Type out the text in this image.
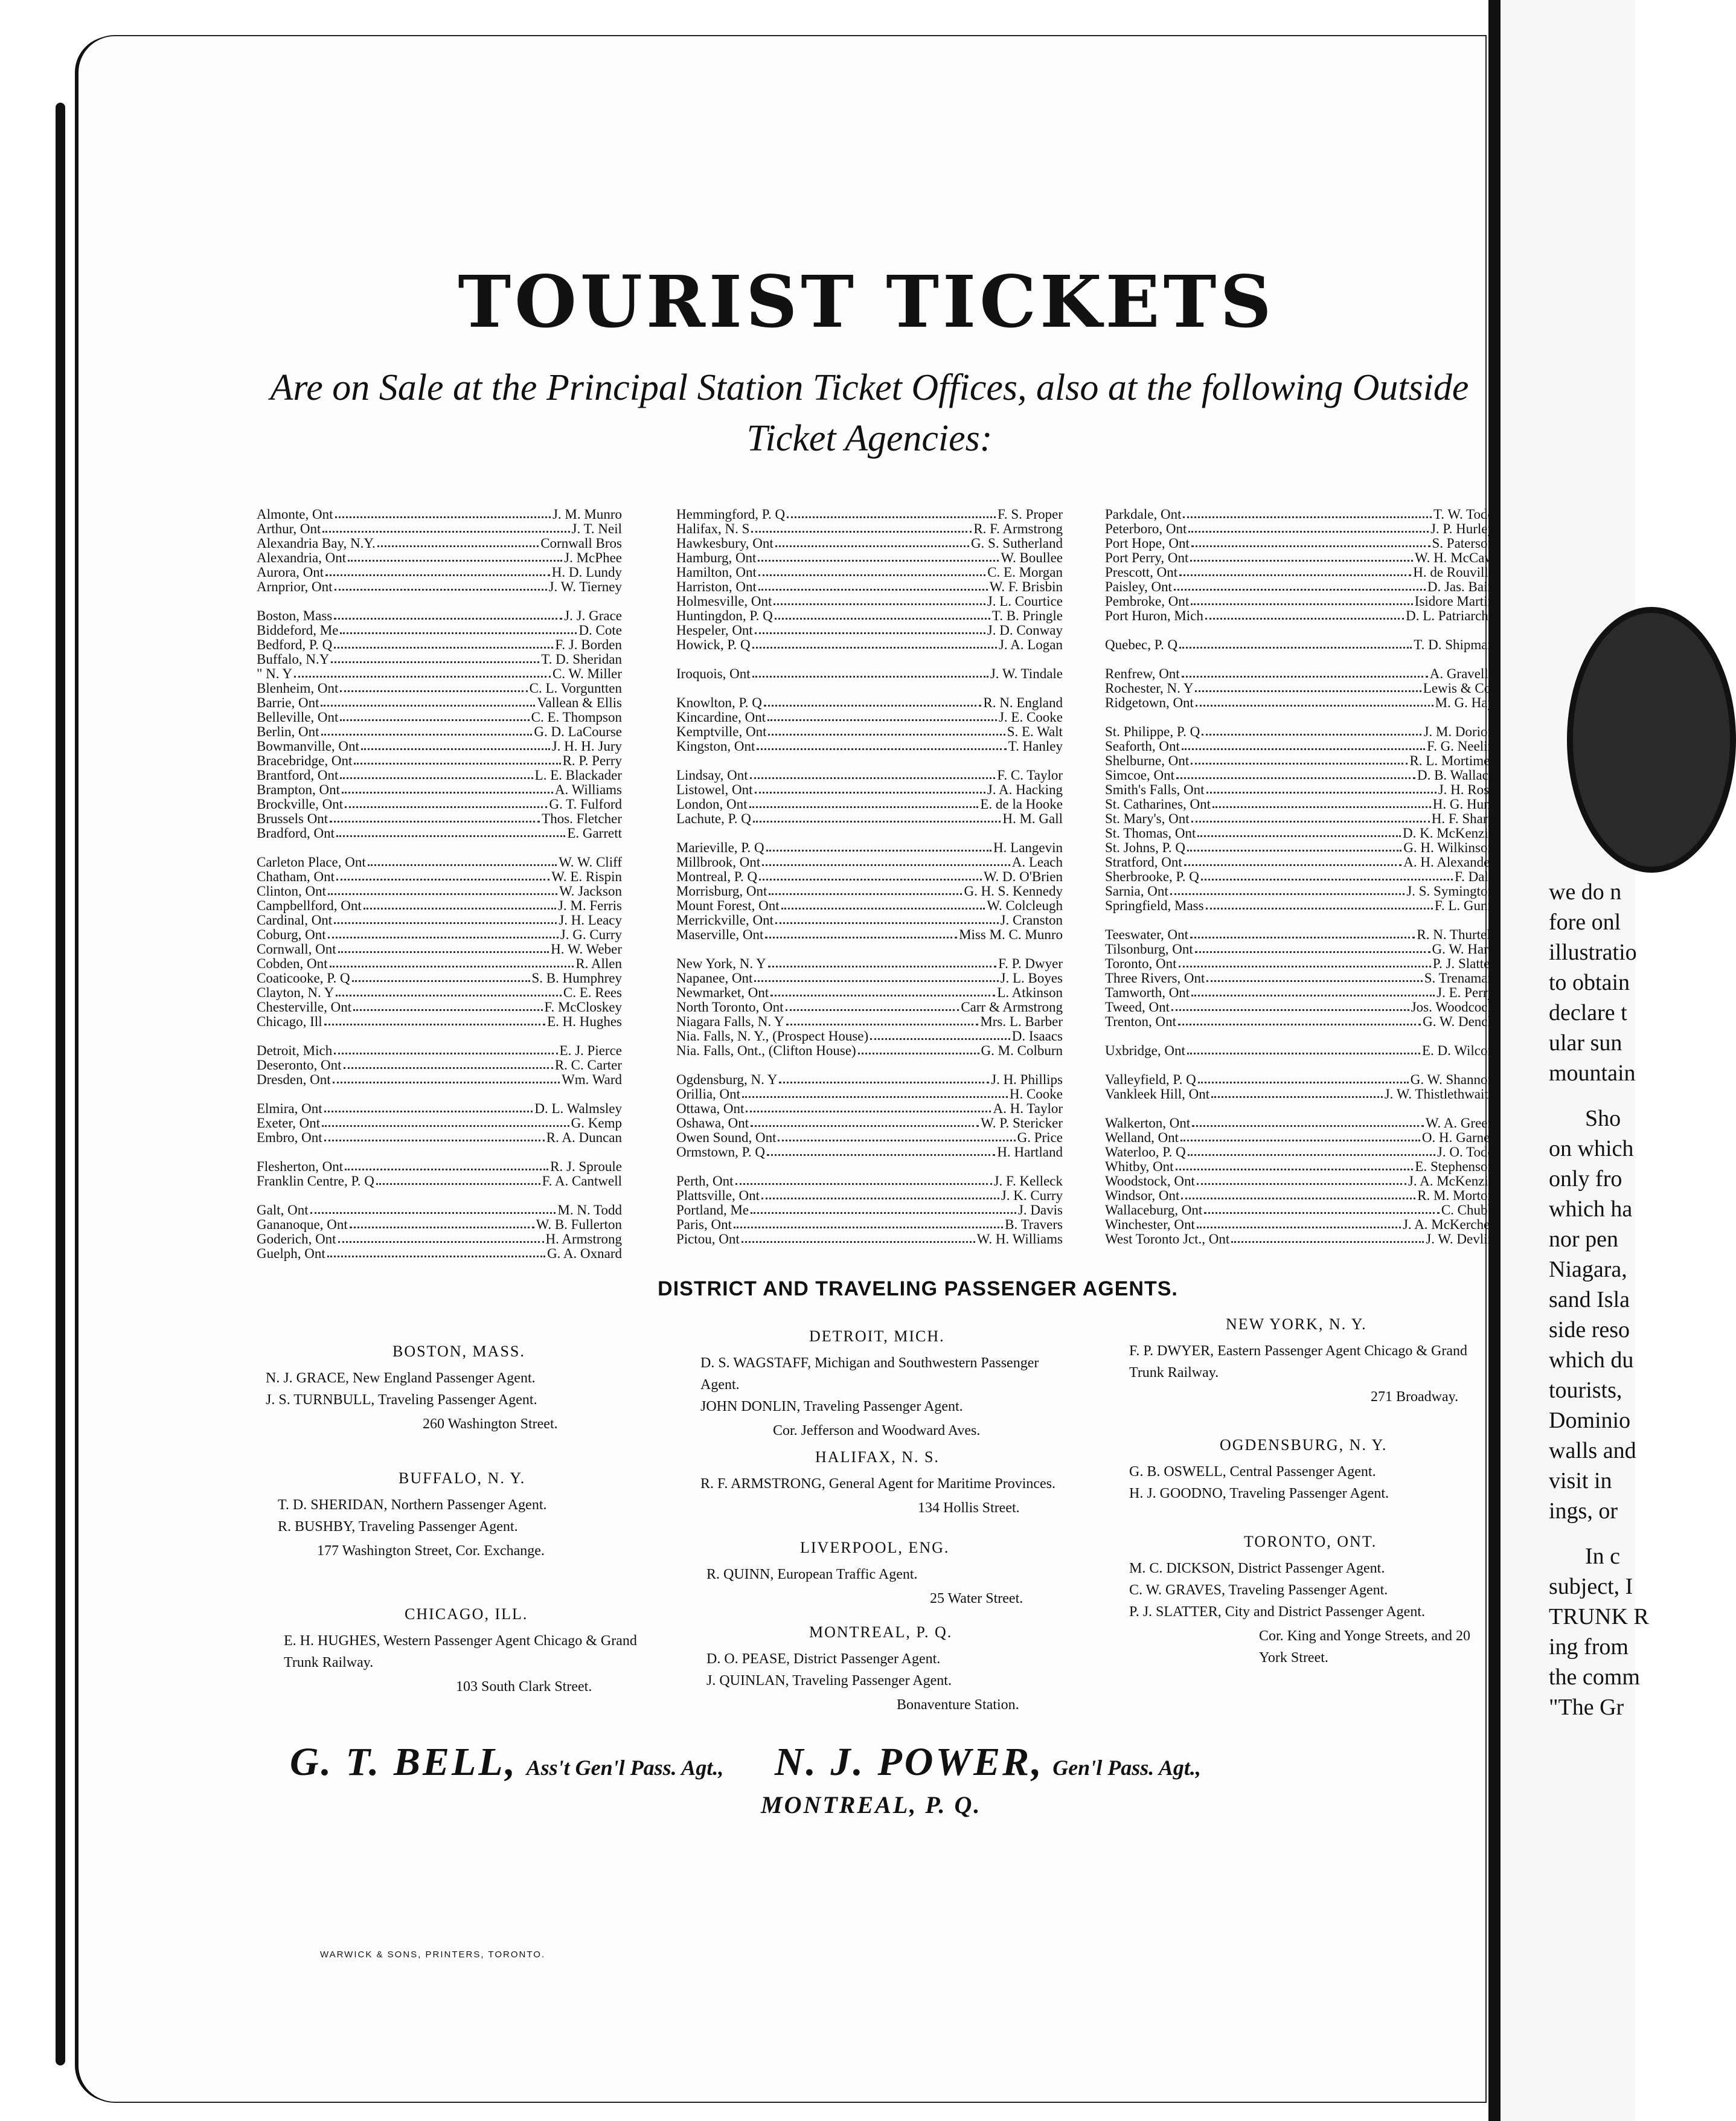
we do n
fore onl
illustratio
to obtain
declare t
ular sun
mountain
Sho
on which
only fro
which ha
nor pen
Niagara,
sand Isla
side reso
which du
tourists,
Dominio
walls and
visit in
ings, or
In c
subject, I
TRUNK R
ing from
the comm
"The Gr
TOURIST TICKETS
Are on Sale at the Principal Station Ticket Offices, also at the following Outside Ticket Agencies:
Almonte, Ont	J. M. Munro
Arthur, Ont	J. T. Neil
Alexandria Bay, N.Y.	Cornwall Bros
Alexandria, Ont	J. McPhee
Aurora, Ont	H. D. Lundy
Arnprior, Ont	J. W. Tierney
Boston, Mass	J. J. Grace
Biddeford, Me	D. Cote
Bedford, P. Q	F. J. Borden
Buffalo, N.Y	T. D. Sheridan
" N. Y	C. W. Miller
Blenheim, Ont	C. L. Vorguntten
Barrie, Ont	Vallean & Ellis
Belleville, Ont	C. E. Thompson
Berlin, Ont	G. D. LaCourse
Bowmanville, Ont	J. H. H. Jury
Bracebridge, Ont	R. P. Perry
Brantford, Ont	L. E. Blackader
Brampton, Ont	A. Williams
Brockville, Ont	G. T. Fulford
Brussels Ont	Thos. Fletcher
Bradford, Ont	E. Garrett
Carleton Place, Ont	W. W. Cliff
Chatham, Ont	W. E. Rispin
Clinton, Ont	W. Jackson
Campbellford, Ont	J. M. Ferris
Cardinal, Ont	J. H. Leacy
Coburg, Ont	J. G. Curry
Cornwall, Ont	H. W. Weber
Cobden, Ont	R. Allen
Coaticooke, P. Q	S. B. Humphrey
Clayton, N. Y	C. E. Rees
Chesterville, Ont	F. McCloskey
Chicago, Ill	E. H. Hughes
Detroit, Mich	E. J. Pierce
Deseronto, Ont	R. C. Carter
Dresden, Ont	Wm. Ward
Elmira, Ont	D. L. Walmsley
Exeter, Ont	G. Kemp
Embro, Ont	R. A. Duncan
Flesherton, Ont	R. J. Sproule
Franklin Centre, P. Q	F. A. Cantwell
Galt, Ont	M. N. Todd
Gananoque, Ont	W. B. Fullerton
Goderich, Ont	H. Armstrong
Guelph, Ont	G. A. Oxnard
Hemmingford, P. Q	F. S. Proper
Halifax, N. S	R. F. Armstrong
Hawkesbury, Ont	G. S. Sutherland
Hamburg, Ont	W. Boullee
Hamilton, Ont	C. E. Morgan
Harriston, Ont	W. F. Brisbin
Holmesville, Ont	J. L. Courtice
Huntingdon, P. Q	T. B. Pringle
Hespeler, Ont	J. D. Conway
Howick, P. Q	J. A. Logan
Iroquois, Ont	J. W. Tindale
Knowlton, P. Q	R. N. England
Kincardine, Ont	J. E. Cooke
Kemptville, Ont	S. E. Walt
Kingston, Ont	T. Hanley
Lindsay, Ont	F. C. Taylor
Listowel, Ont	J. A. Hacking
London, Ont	E. de la Hooke
Lachute, P. Q	H. M. Gall
Marieville, P. Q	H. Langevin
Millbrook, Ont	A. Leach
Montreal, P. Q	W. D. O'Brien
Morrisburg, Ont	G. H. S. Kennedy
Mount Forest, Ont	W. Colcleugh
Merrickville, Ont	J. Cranston
Maserville, Ont	Miss M. C. Munro
New York, N. Y	F. P. Dwyer
Napanee, Ont	J. L. Boyes
Newmarket, Ont	L. Atkinson
North Toronto, Ont	Carr & Armstrong
Niagara Falls, N. Y	Mrs. L. Barber
Nia. Falls, N. Y., (Prospect House)	D. Isaacs
Nia. Falls, Ont., (Clifton House)	G. M. Colburn
Ogdensburg, N. Y	J. H. Phillips
Orillia, Ont	H. Cooke
Ottawa, Ont	A. H. Taylor
Oshawa, Ont	W. P. Stericker
Owen Sound, Ont	G. Price
Ormstown, P. Q	H. Hartland
Perth, Ont	J. F. Kelleck
Plattsville, Ont	J. K. Curry
Portland, Me	J. Davis
Paris, Ont	B. Travers
Pictou, Ont	W. H. Williams
Parkdale, Ont	T. W. Todd
Peterboro, Ont	J. P. Hurley
Port Hope, Ont	S. Paterson
Port Perry, Ont	W. H. McCaw
Prescott, Ont	H. de Rouville
Paisley, Ont	D. Jas. Bain
Pembroke, Ont	Isidore Martin
Port Huron, Mich	D. L. Patriarche
Quebec, P. Q	T. D. Shipman
Renfrew, Ont	A. Gravelle
Rochester, N. Y	Lewis & Co.
Ridgetown, Ont	M. G. Hay
St. Philippe, P. Q	J. M. Dorion
Seaforth, Ont	F. G. Neelin
Shelburne, Ont	R. L. Mortimer
Simcoe, Ont	D. B. Wallace
Smith's Falls, Ont	J. H. Ross
St. Catharines, Ont	H. G. Hunt
St. Mary's, Ont	H. F. Sharp
St. Thomas, Ont	D. K. McKenzie
St. Johns, P. Q	G. H. Wilkinson
Stratford, Ont	A. H. Alexander
Sherbrooke, P. Q	F. Dale
Sarnia, Ont	J. S. Symington
Springfield, Mass	F. L. Gunn
Teeswater, Ont	R. N. Thurtell
Tilsonburg, Ont	G. W. Hare
Toronto, Ont	P. J. Slatter
Three Rivers, Ont	S. Trenaman
Tamworth, Ont	J. E. Perry
Tweed, Ont	Jos. Woodcock
Trenton, Ont	G. W. Dench
Uxbridge, Ont	E. D. Wilcox
Valleyfield, P. Q	G. W. Shannon
Vankleek Hill, Ont	J. W. Thistlethwaite
Walkerton, Ont	W. A. Green
Welland, Ont	O. H. Garner
Waterloo, P. Q	J. O. Todd
Whitby, Ont	E. Stephenson
Woodstock, Ont	J. A. McKenzie
Windsor, Ont	R. M. Morton
Wallaceburg, Ont	C. Chubb
Winchester, Ont	J. A. McKercher
West Toronto Jct., Ont	J. W. Devlin
DISTRICT AND TRAVELING PASSENGER AGENTS.
BOSTON, MASS.
N. J. GRACE, New England Passenger Agent.
J. S. TURNBULL, Traveling Passenger Agent.
260 Washington Street.
BUFFALO, N. Y.
T. D. SHERIDAN, Northern Passenger Agent.
R. BUSHBY, Traveling Passenger Agent.
177 Washington Street, Cor. Exchange.
CHICAGO, ILL.
E. H. HUGHES, Western Passenger Agent Chicago & Grand Trunk Railway.
103 South Clark Street.
DETROIT, MICH.
D. S. WAGSTAFF, Michigan and Southwestern Passenger Agent.
JOHN DONLIN, Traveling Passenger Agent.
Cor. Jefferson and Woodward Aves.
HALIFAX, N. S.
R. F. ARMSTRONG, General Agent for Maritime Provinces.
134 Hollis Street.
LIVERPOOL, ENG.
R. QUINN, European Traffic Agent.
25 Water Street.
MONTREAL, P. Q.
D. O. PEASE, District Passenger Agent.
J. QUINLAN, Traveling Passenger Agent.
Bonaventure Station.
NEW YORK, N. Y.
F. P. DWYER, Eastern Passenger Agent Chicago & Grand Trunk Railway.
271 Broadway.
OGDENSBURG, N. Y.
G. B. OSWELL, Central Passenger Agent.
H. J. GOODNO, Traveling Passenger Agent.
TORONTO, ONT.
M. C. DICKSON, District Passenger Agent.
C. W. GRAVES, Traveling Passenger Agent.
P. J. SLATTER, City and District Passenger Agent.
Cor. King and Yonge Streets, and 20 York Street.
G. T. BELL, Ass't Gen'l Pass. Agt., N. J. POWER, Gen'l Pass. Agt.,
MONTREAL, P. Q.
WARWICK & SONS, PRINTERS, TORONTO.
